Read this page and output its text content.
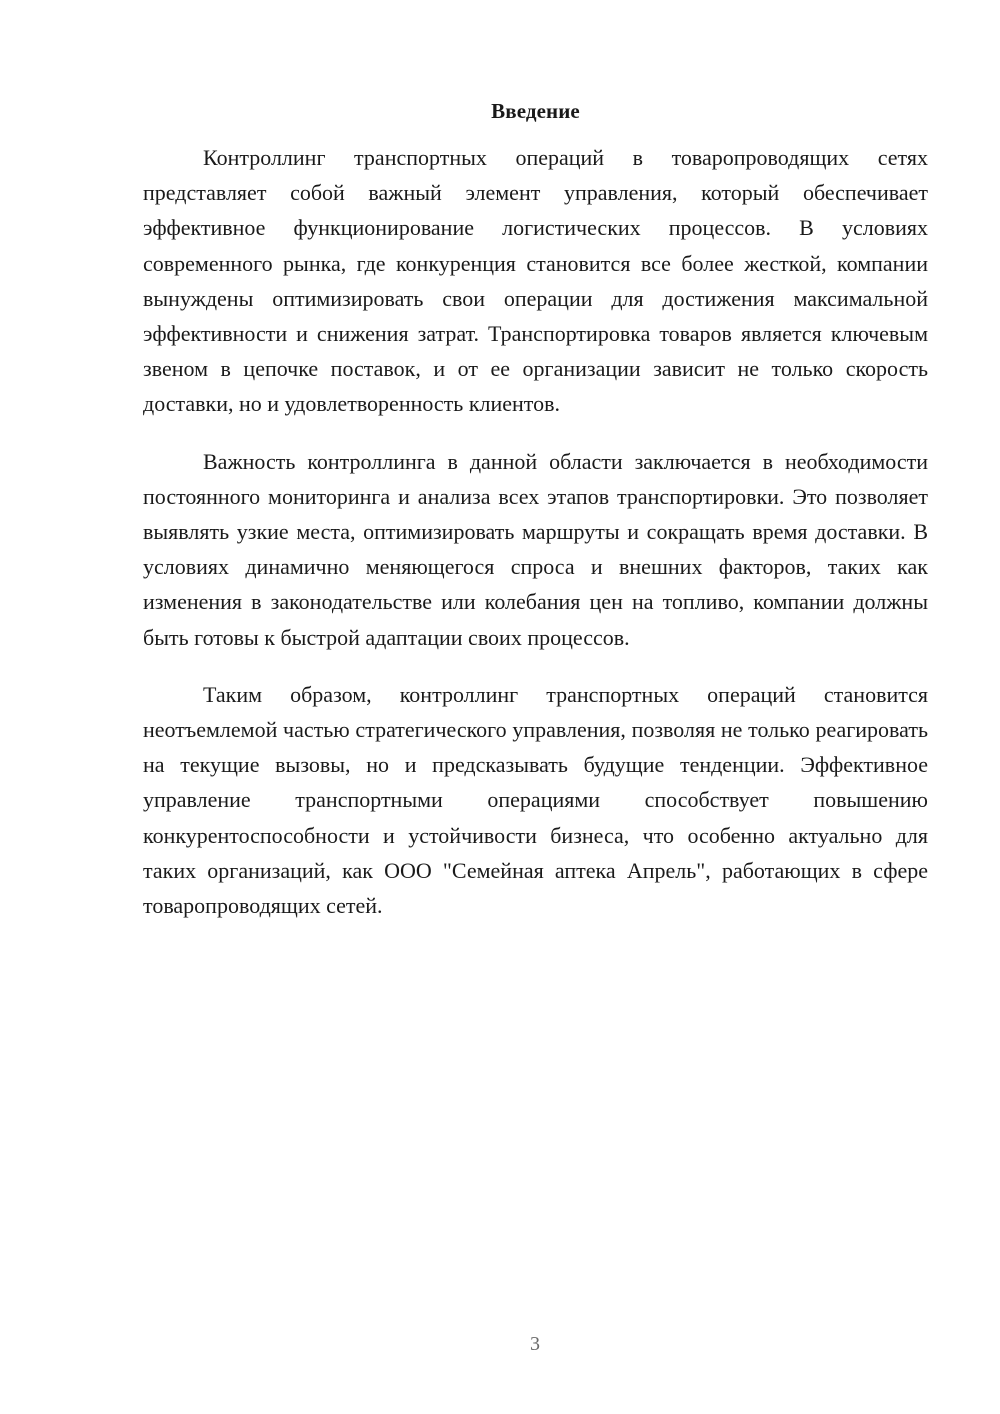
Введение

Контроллинг транспортных операций в товаропроводящих сетях представляет собой важный элемент управления, который обеспечивает эффективное функционирование логистических процессов. В условиях современного рынка, где конкуренция становится все более жесткой, компании вынуждены оптимизировать свои операции для достижения максимальной эффективности и снижения затрат. Транспортировка товаров является ключевым звеном в цепочке поставок, и от ее организации зависит не только скорость доставки, но и удовлетворенность клиентов.

Важность контроллинга в данной области заключается в необходимости постоянного мониторинга и анализа всех этапов транспортировки. Это позволяет выявлять узкие места, оптимизировать маршруты и сокращать время доставки. В условиях динамично меняющегося спроса и внешних факторов, таких как изменения в законодательстве или колебания цен на топливо, компании должны быть готовы к быстрой адаптации своих процессов.

Таким образом, контроллинг транспортных операций становится неотъемлемой частью стратегического управления, позволяя не только реагировать на текущие вызовы, но и предсказывать будущие тенденции. Эффективное управление транспортными операциями способствует повышению конкурентоспособности и устойчивости бизнеса, что особенно актуально для таких организаций, как ООО "Семейная аптека Апрель", работающих в сфере товаропроводящих сетей.

3
